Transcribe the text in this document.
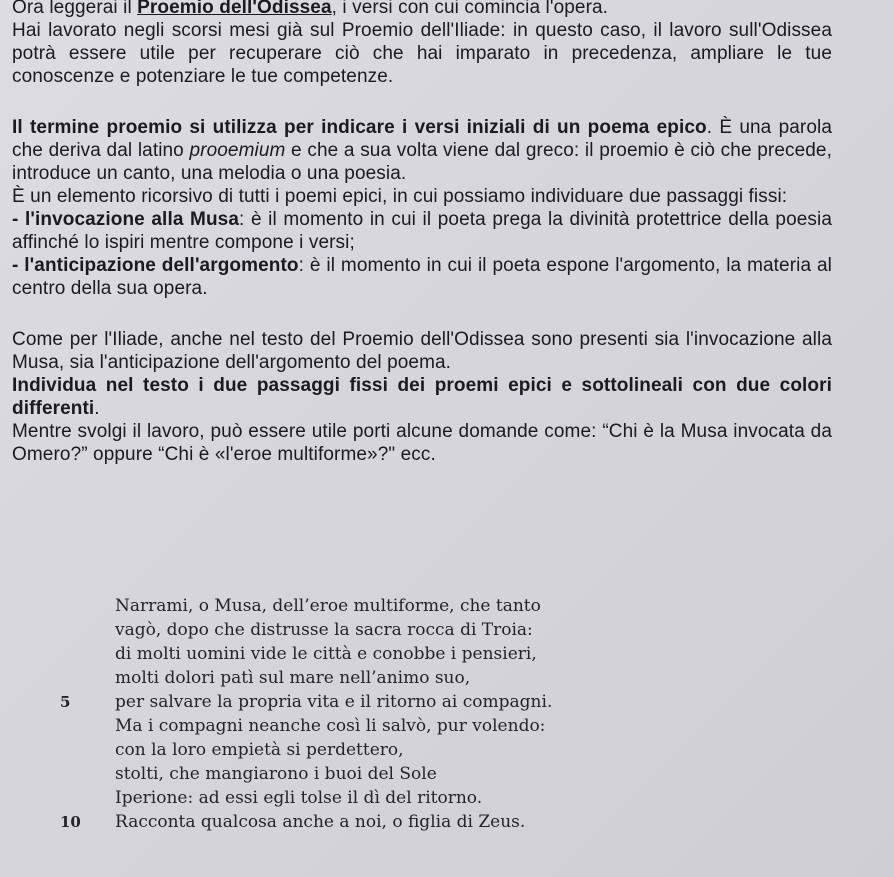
Ora leggerai il Proemio dell'Odissea, i versi con cui comincia l'opera.

Hai lavorato negli scorsi mesi già sul Proemio dell'Iliade: in questo caso, il lavoro sull'Odissea potrà essere utile per recuperare ciò che hai imparato in precedenza, ampliare le tue conoscenze e potenziare le tue competenze.

Il termine proemio si utilizza per indicare i versi iniziali di un poema epico. È una parola che deriva dal latino prooemium e che a sua volta viene dal greco: il proemio è ciò che precede, introduce un canto, una melodia o una poesia.

È un elemento ricorsivo di tutti i poemi epici, in cui possiamo individuare due passaggi fissi:

- l'invocazione alla Musa: è il momento in cui il poeta prega la divinità protettrice della poesia affinché lo ispiri mentre compone i versi;

- l'anticipazione dell'argomento: è il momento in cui il poeta espone l'argomento, la materia al centro della sua opera.

Come per l'Iliade, anche nel testo del Proemio dell'Odissea sono presenti sia l'invocazione alla Musa, sia l'anticipazione dell'argomento del poema.

Individua nel testo i due passaggi fissi dei proemi epici e sottolineali con due colori differenti.

Mentre svolgi il lavoro, può essere utile porti alcune domande come: “Chi è la Musa invocata da Omero?” oppure “Chi è «l'eroe multiforme»?" ecc.

Narrami, o Musa, dell’eroe multiforme, che tanto
vagò, dopo che distrusse la sacra rocca di Troia:
di molti uomini vide le città e conobbe i pensieri,
molti dolori patì sul mare nell’animo suo,
5	per salvare la propria vita e il ritorno ai compagni.
Ma i compagni neanche così li salvò, pur volendo:
con la loro empietà si perdettero,
stolti, che mangiarono i buoi del Sole
Iperione: ad essi egli tolse il dì del ritorno.
10	Racconta qualcosa anche a noi, o figlia di Zeus.
